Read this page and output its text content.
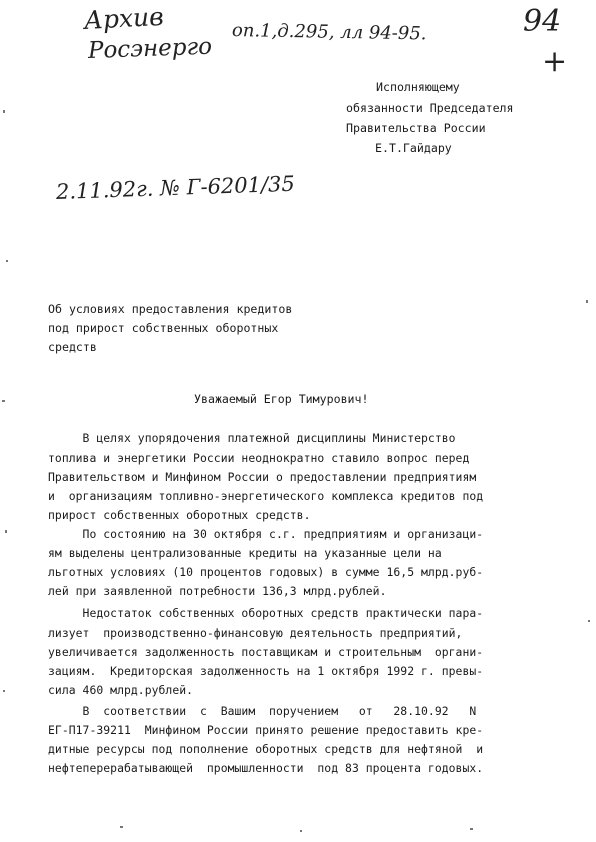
Архив
Росэнерго
оп.1,д.295, лл 94-95.	94
+
Исполняющему
обязанности Председателя
Правительства России
Е.Т.Гайдару
2.11.92г. № Г-6201/35
Об условиях предоставления кредитов
под прирост собственных оборотных
средств
Уважаемый Егор Тимурович!
В целях упорядочения платежной дисциплины Министерство
топлива и энергетики России неоднократно ставило вопрос перед
Правительством и Минфином России о предоставлении предприятиям
и  организациям топливно-энергетического комплекса кредитов под
прирост собственных оборотных средств.
По состоянию на 30 октября с.г. предприятиям и организаци-
ям выделены централизованные кредиты на указанные цели на
льготных условиях (10 процентов годовых) в сумме 16,5 млрд.руб-
лей при заявленной потребности 136,3 млрд.рублей.
Недостаток собственных оборотных средств практически пара-
лизует  производственно-финансовую деятельность предприятий,
увеличивается задолженность поставщикам и строительным  органи-
зациям.  Кредиторская задолженность на 1 октября 1992 г. превы-
сила 460 млрд.рублей.
В  соответствии  с  Вашим  поручением   от   28.10.92   N
ЕГ-П17-39211  Минфином России принято решение предоставить кре-
дитные ресурсы под пополнение оборотных средств для нефтяной  и
нефтеперерабатывающей  промышленности  под 83 процента годовых.
